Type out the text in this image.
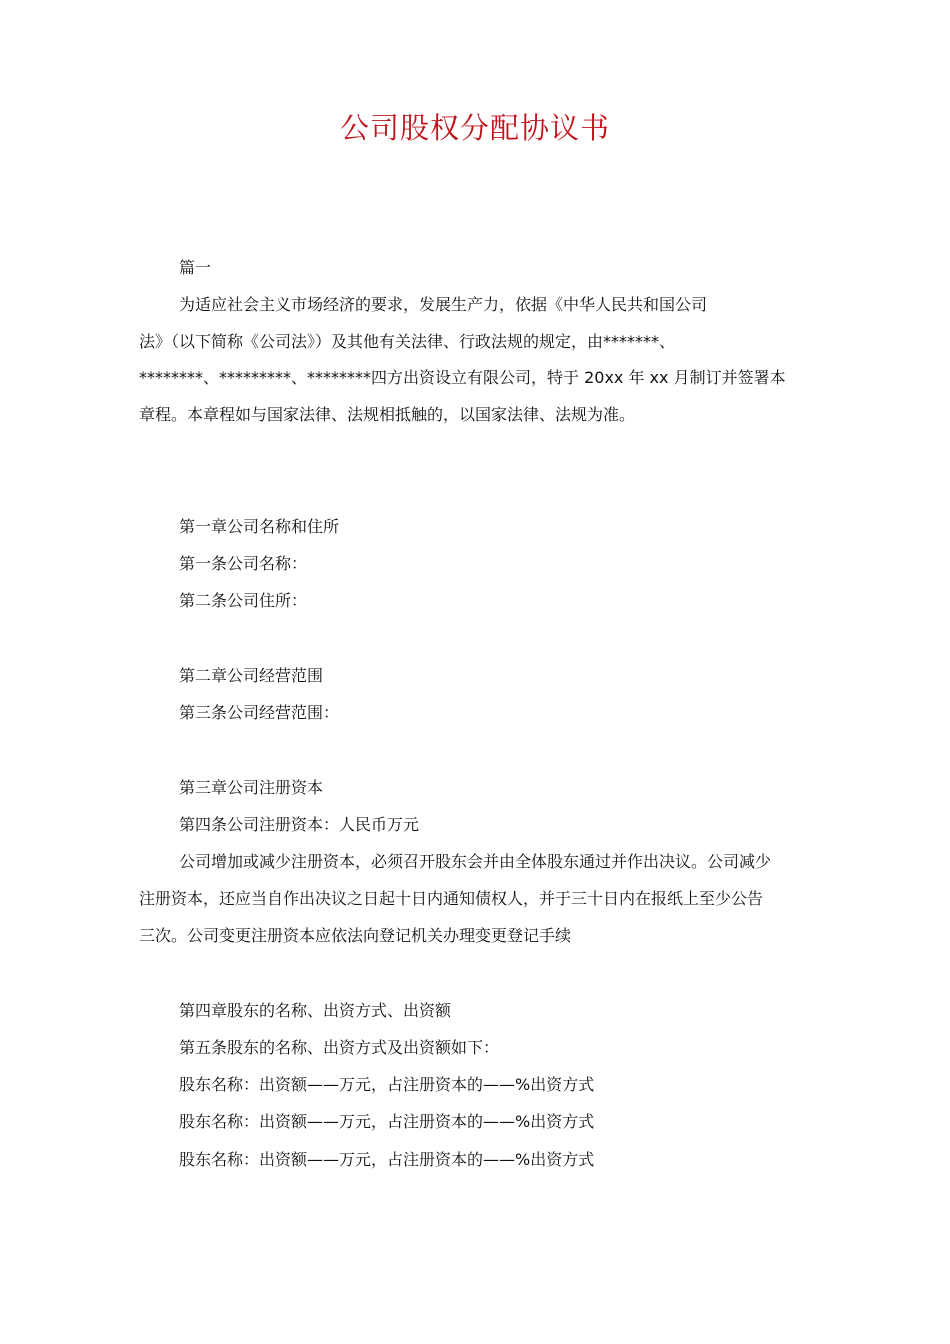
公司股权分配协议书
篇一
为适应社会主义市场经济的要求，发展生产力，依据《中华人民共和国公司
法》（以下简称《公司法》）及其他有关法律、行政法规的规定，由*******、
********、*********、********四方出资设立有限公司，特于 20xx 年 xx 月制订并签署本
章程。本章程如与国家法律、法规相抵触的，以国家法律、法规为准。
第一章公司名称和住所
第一条公司名称：
第二条公司住所：
第二章公司经营范围
第三条公司经营范围：
第三章公司注册资本
第四条公司注册资本：人民币万元
公司增加或减少注册资本，必须召开股东会并由全体股东通过并作出决议。公司减少
注册资本，还应当自作出决议之日起十日内通知债权人，并于三十日内在报纸上至少公告
三次。公司变更注册资本应依法向登记机关办理变更登记手续
第四章股东的名称、出资方式、出资额
第五条股东的名称、出资方式及出资额如下：
股东名称：出资额——万元，占注册资本的——%出资方式
股东名称：出资额——万元，占注册资本的——%出资方式
股东名称：出资额——万元，占注册资本的——%出资方式
